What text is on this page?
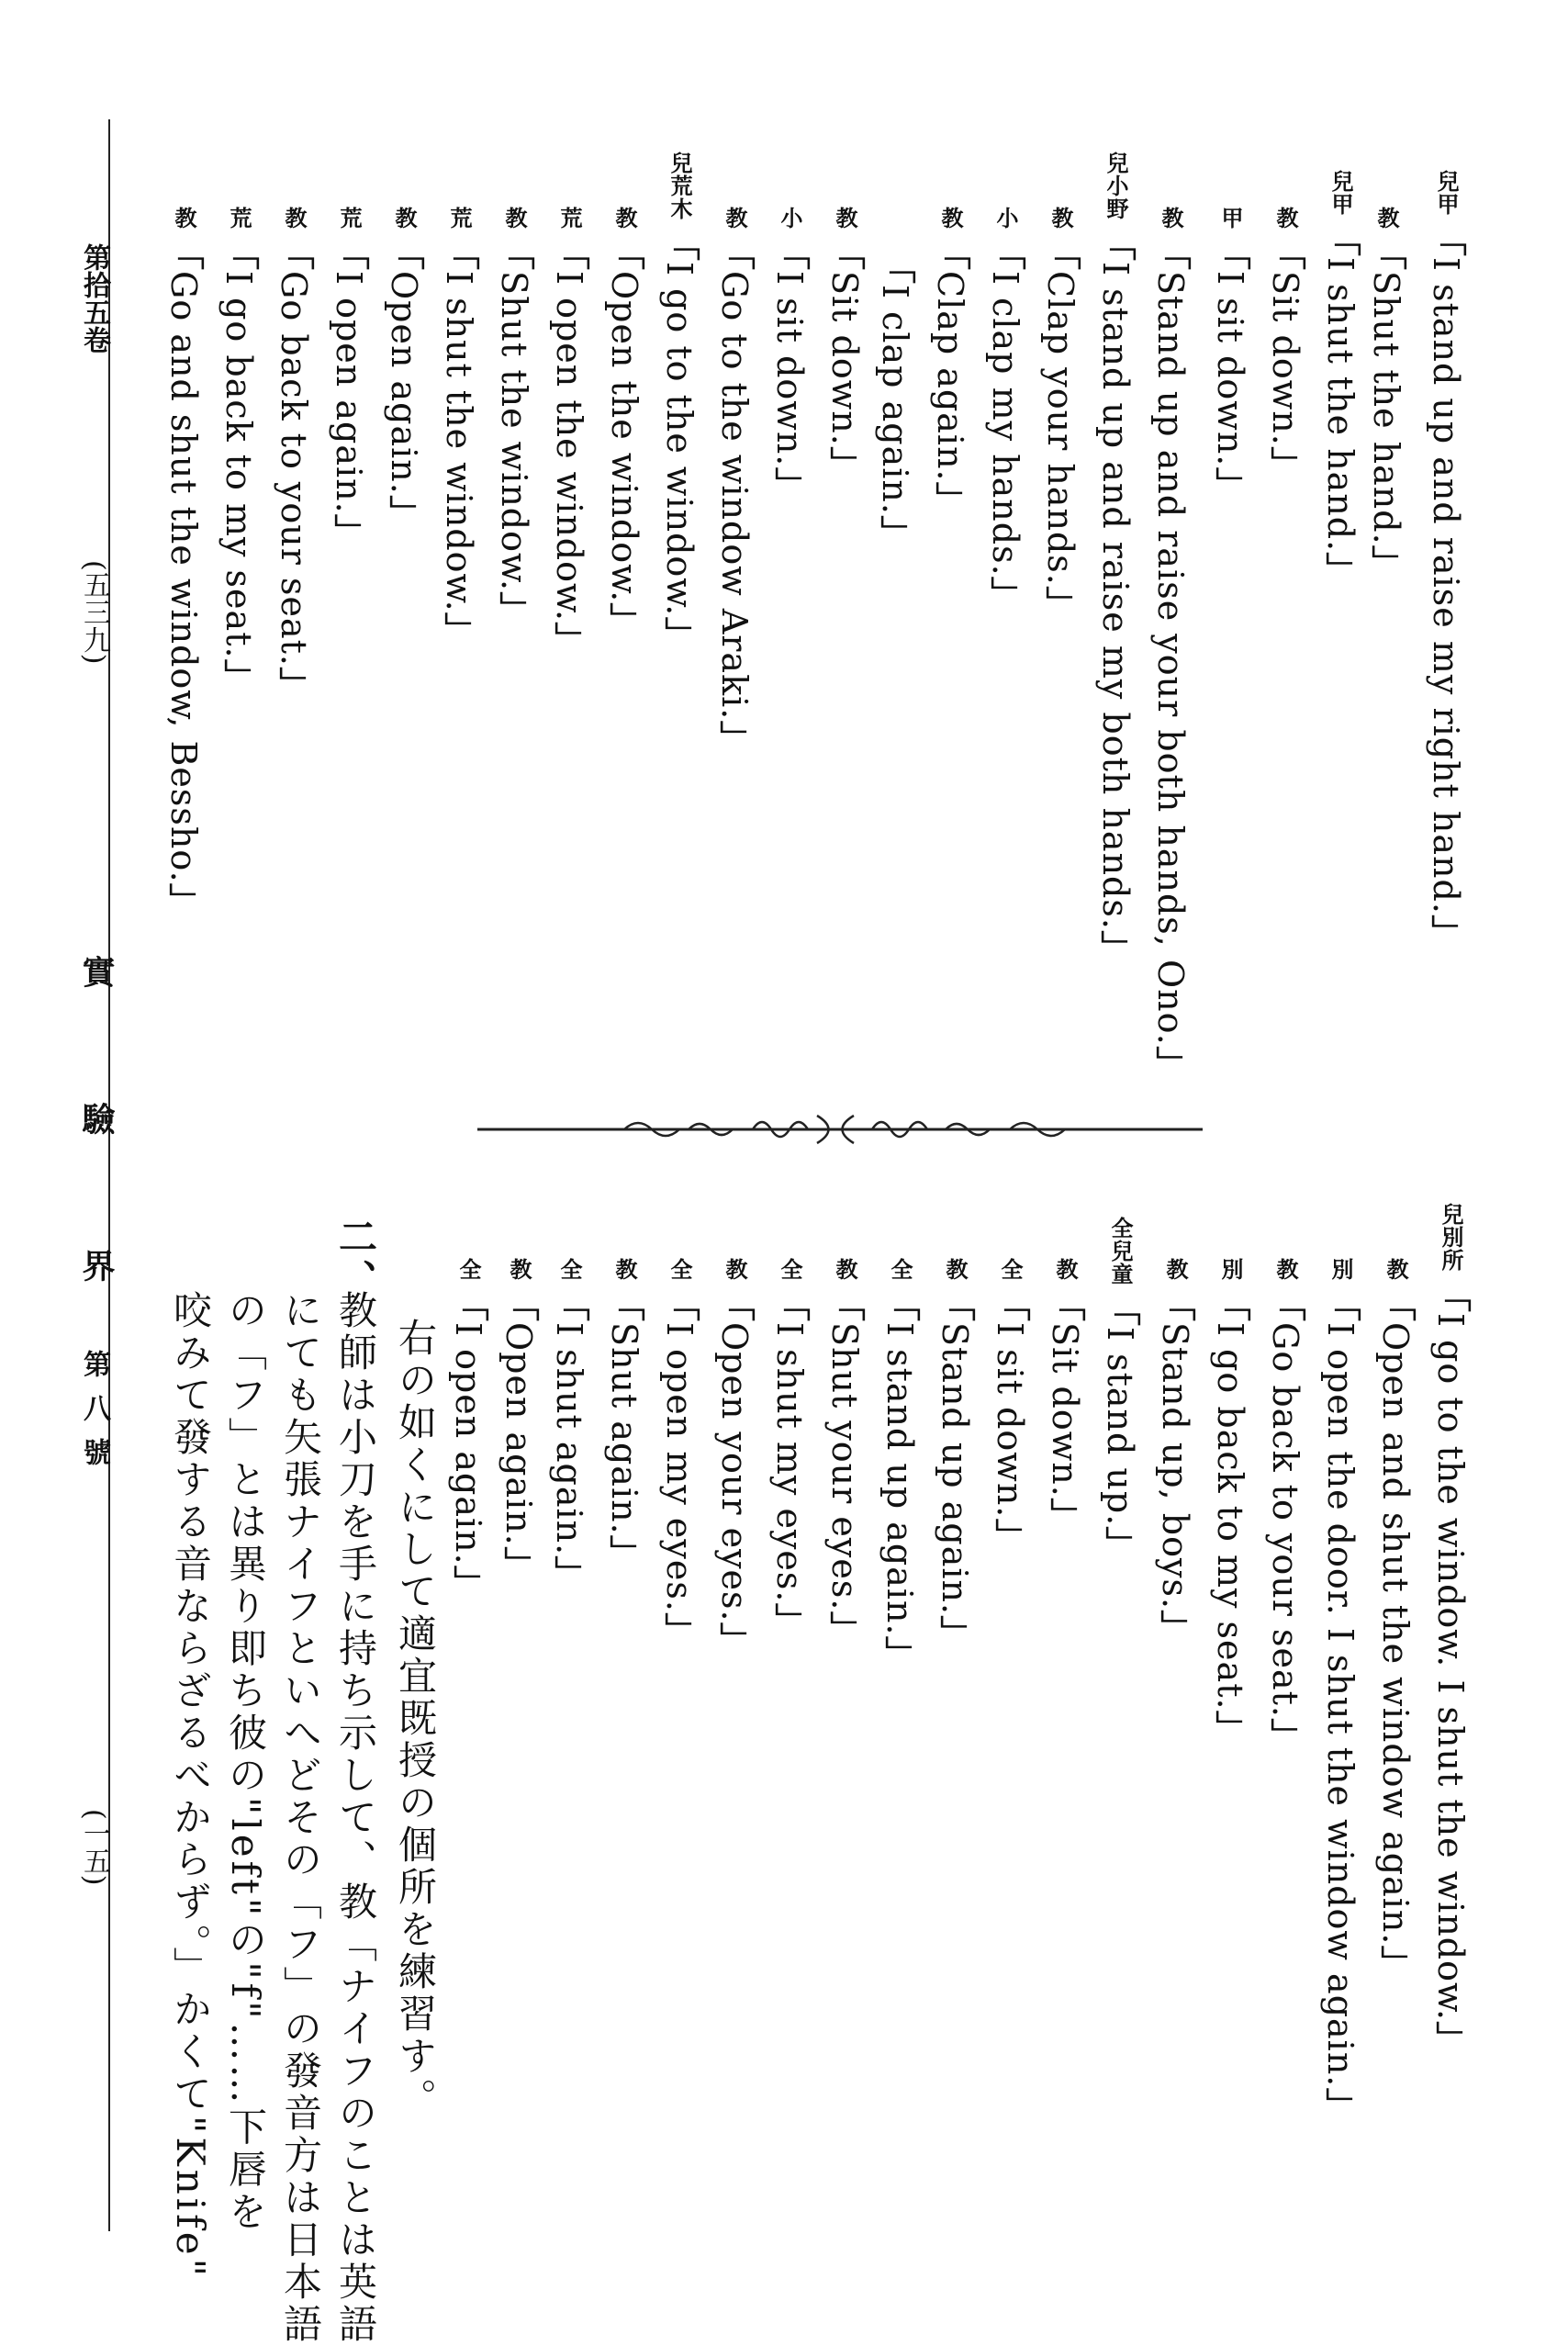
第拾五卷
(五三九)
實
驗
界
第八號
(一五)
兒甲「I stand up and raise my right hand.」
教「Shut the hand.」
兒甲「I shut the hand.」
教「Sit down.」
甲「I sit down.」
教「Stand up and raise your both hands, Ono.」
兒小野「I stand up and raise my both hands.」
教「Clap your hands.」
小「I clap my hands.」
教「Clap again.」
「I clap again.」
教「Sit down.」
小「I sit down.」
教「Go to the window Araki.」
兒荒木「I go to the window.」
教「Open the window.」
荒「I open the window.」
教「Shut the window.」
荒「I shut the window.」
教「Open again.」
荒「I open again.」
教「Go back to your seat.」
荒「I go back to my seat.」
教「Go and shut the window, Bessho.」
兒別所「I go to the window. I shut the window.」
教「Open and shut the window again.」
別「I open the door. I shut the window again.」
教「Go back to your seat.」
別「I go back to my seat.」
教「Stand up, boys.」
全兒童「I stand up.」
教「Sit down.」
全「I sit down.」
教「Stand up again.」
全「I stand up again.」
教「Shut your eyes.」
全「I shut my eyes.」
教「Open your eyes.」
全「I open my eyes.」
教「Shut again.」
全「I shut again.」
教「Open again.」
全「I open again.」
右の如くにして適宜既授の個所を練習す。
二、
教師は小刀を手に持ち示して、教「ナイフのことは英語
にても矢張ナイフといへどその「フ」の發音方は日本語
の「フ」とは異り即ち彼の"left"の"f"……下唇を
咬みて發する音ならざるべからず。」かくて"Knife"
